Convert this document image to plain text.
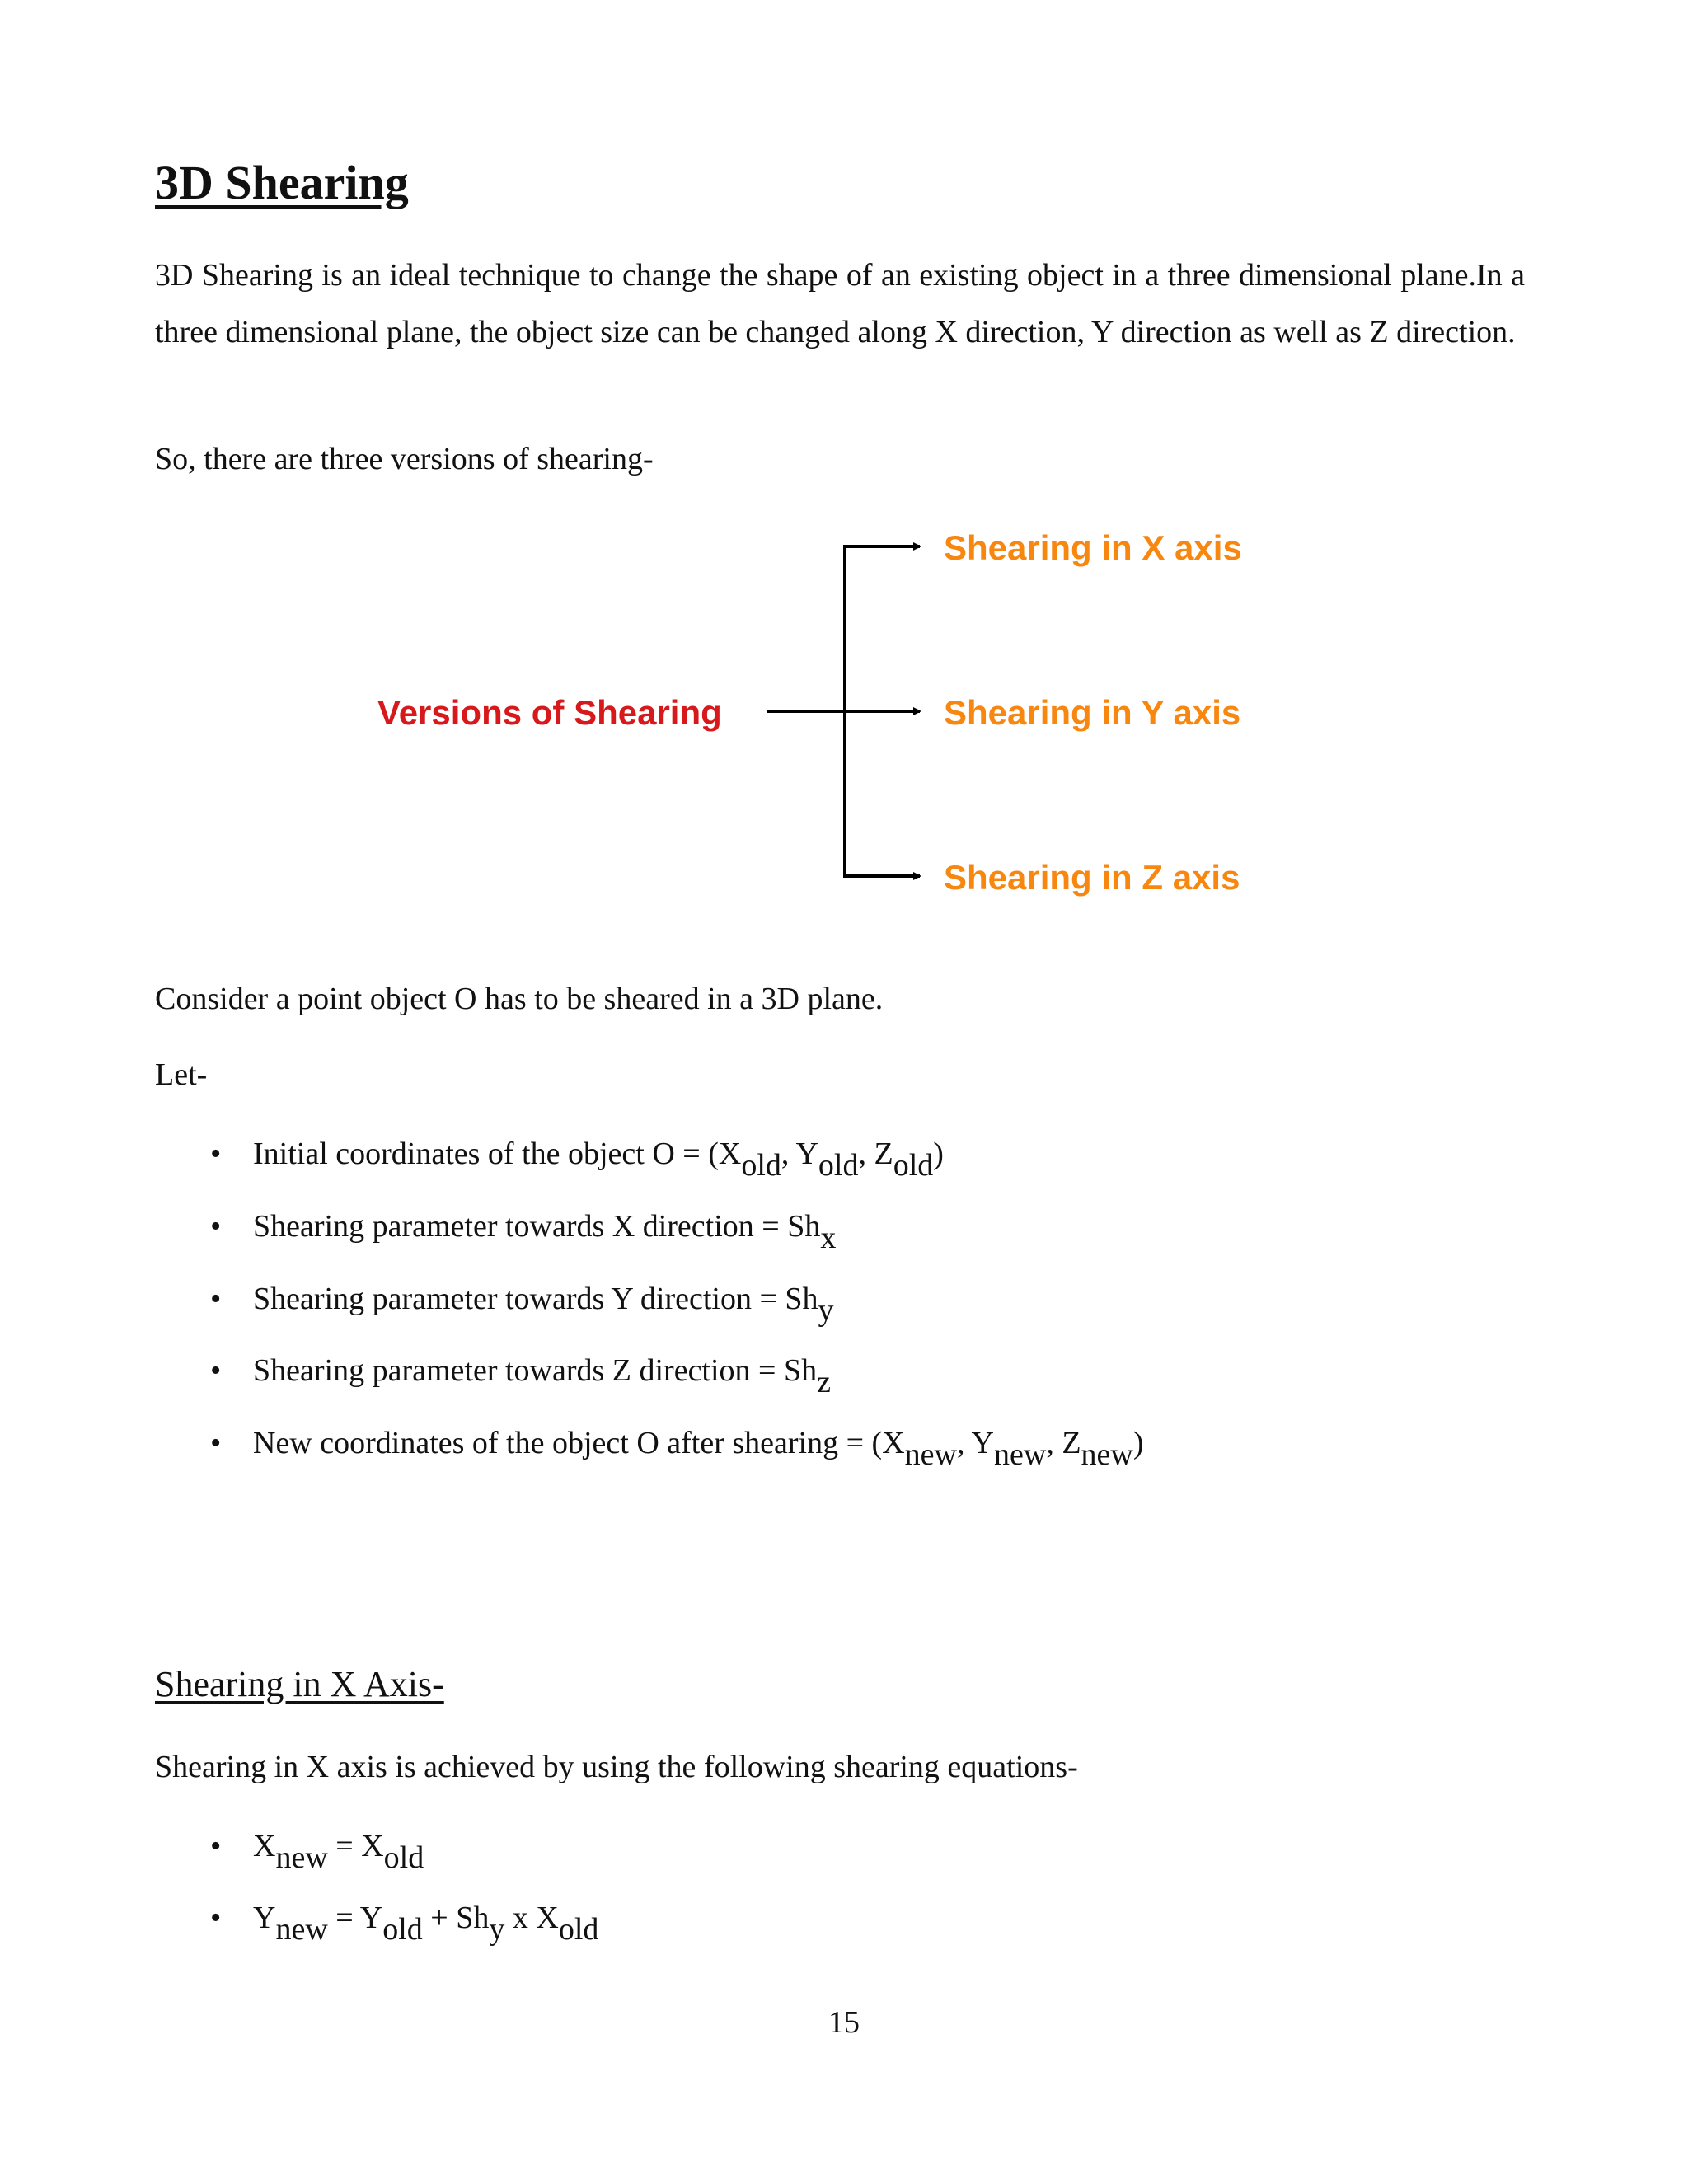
3D Shearing
3D Shearing is an ideal technique to change the shape of an existing object in a three dimensional plane.In a three dimensional plane, the object size can be changed along X direction, Y direction as well as Z direction.
So, there are three versions of shearing-
Versions of Shearing
Shearing in X axis
Shearing in Y axis
Shearing in Z axis
Consider a point object O has to be sheared in a 3D plane.
Let-
• Initial coordinates of the object $O = (X_{old}$, $Y_{old}$, $Z_{old}$)
• Shearing parameter towards X direction = $Sh_x$
• Shearing parameter towards Y direction = $Sh_y$
• Shearing parameter towards Z direction = $Sh_z$
• New coordinates of the object O after shearing = ($X_{new}$, $Y_{new}$, $Z_{new}$)
Shearing in X Axis-
Shearing in X axis is achieved by using the following shearing equations-
• $X_{new} = X_{old}$
• $Y_{new} = Y_{old} + Sh_y$ x $X_{old}$
15
